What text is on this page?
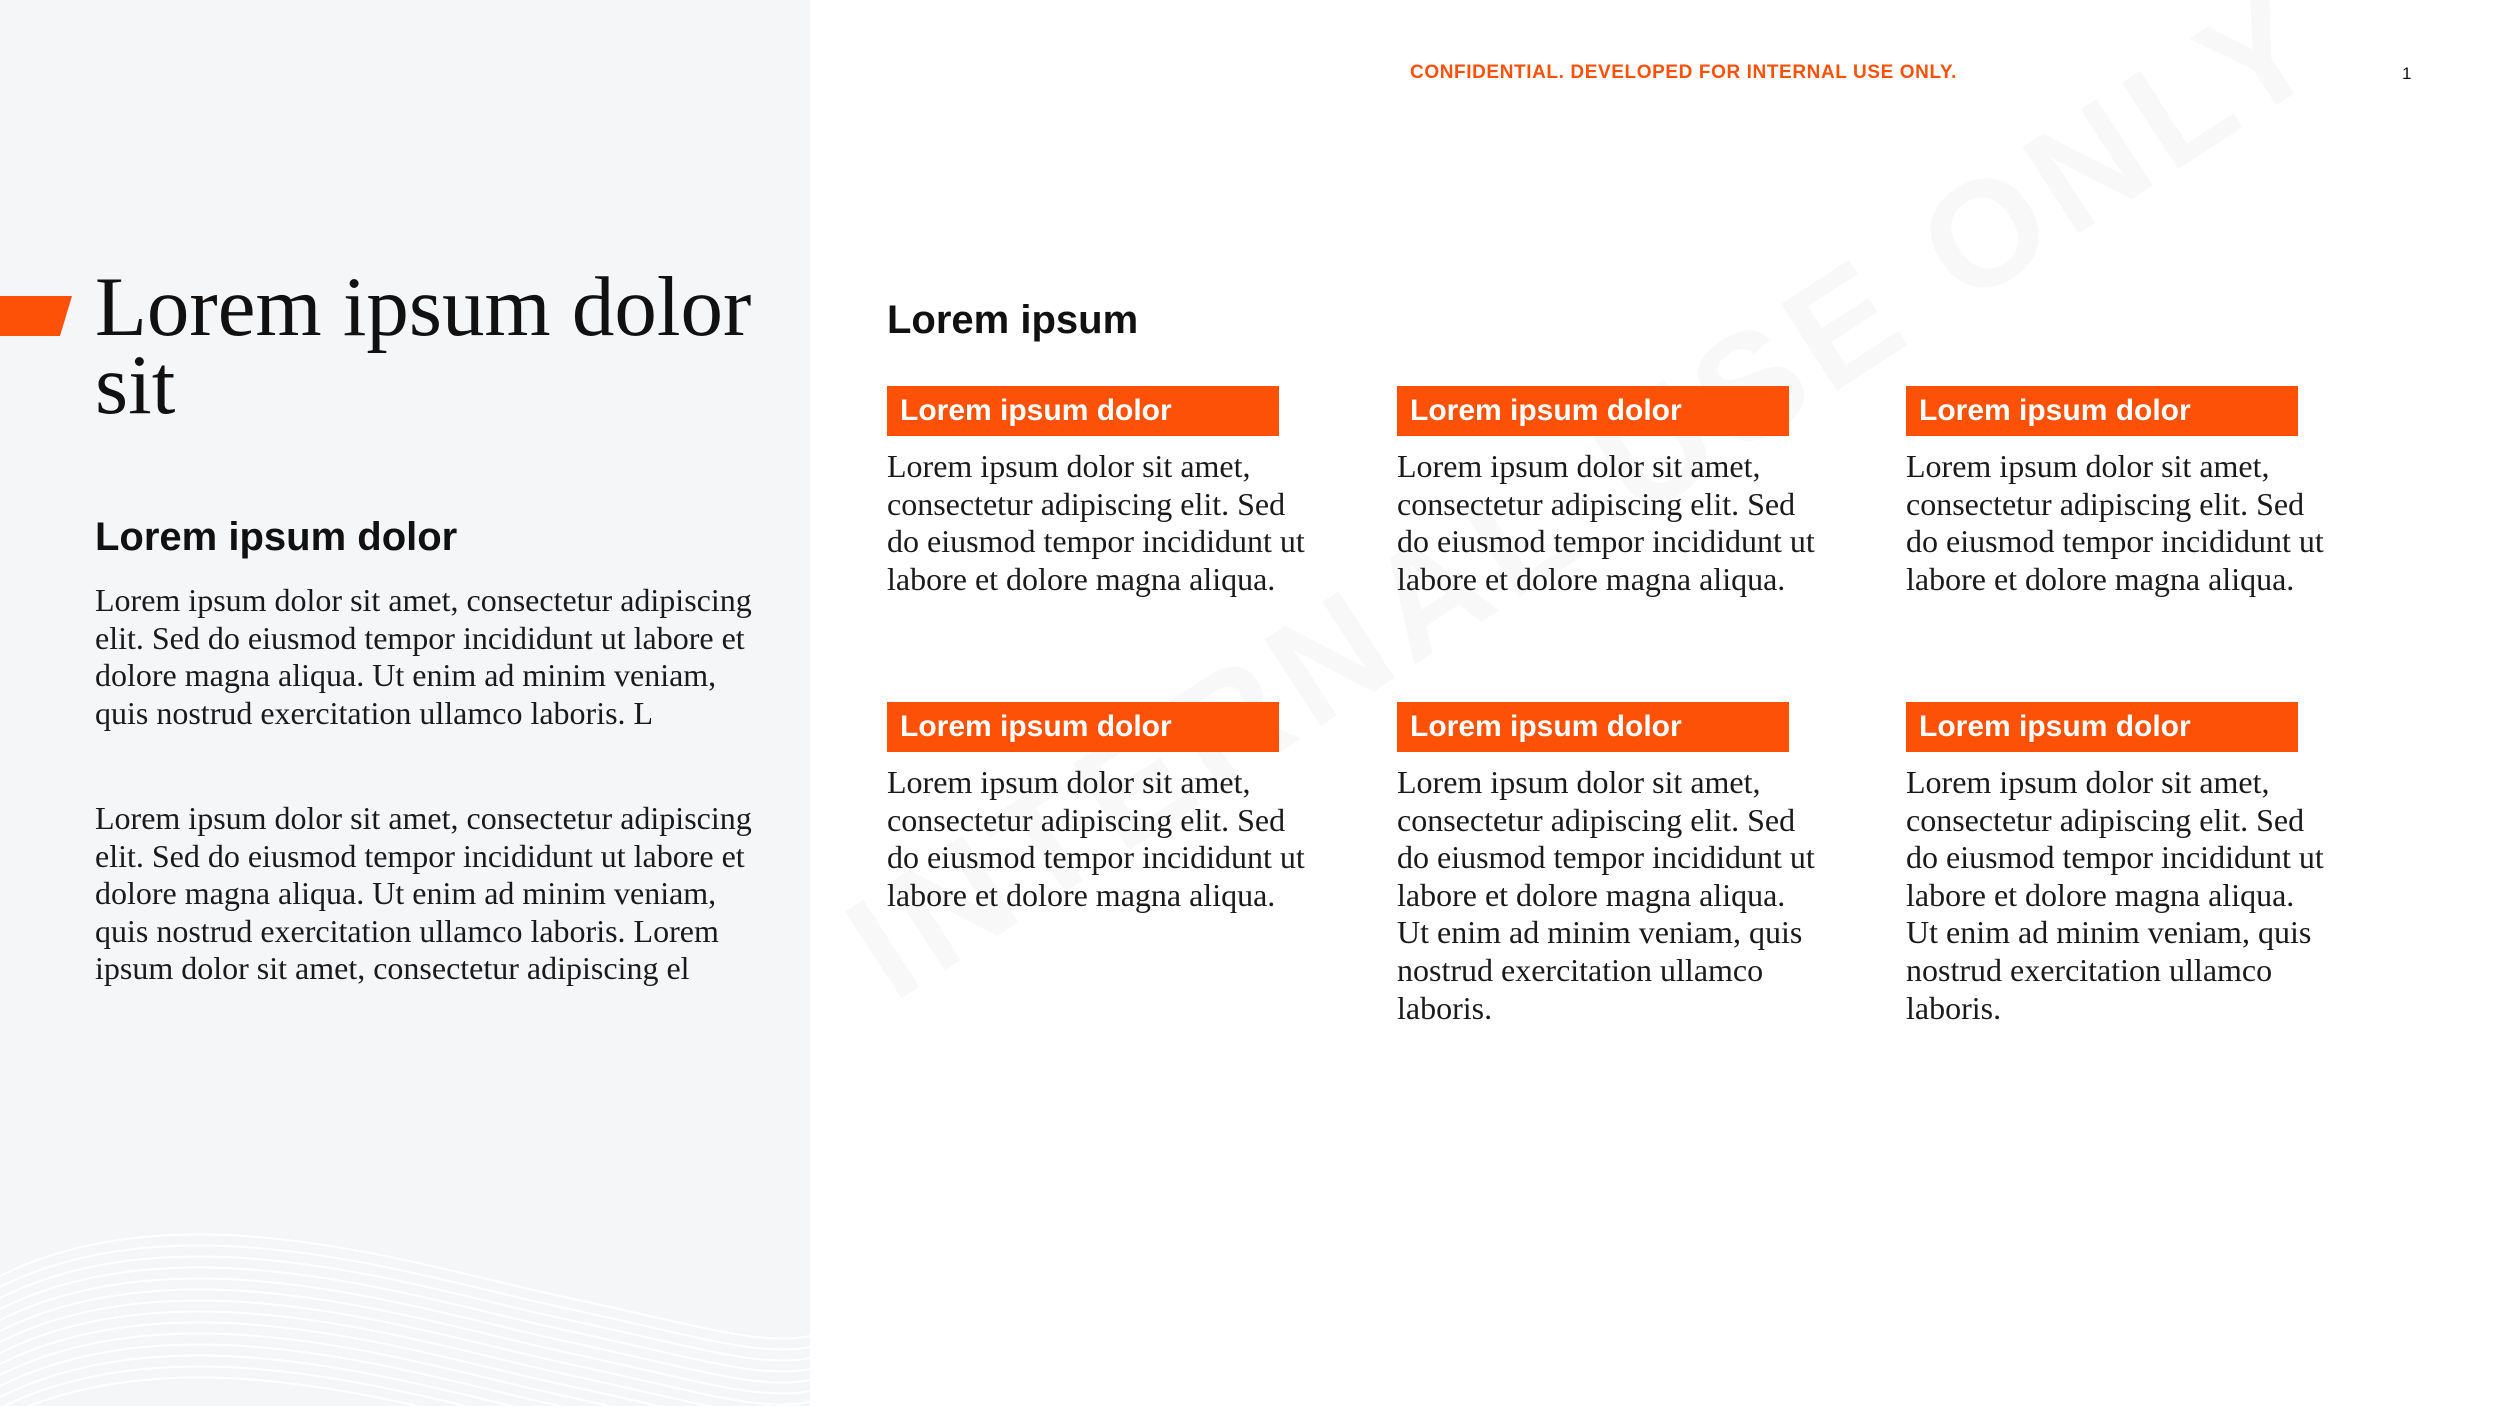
Lorem ipsum dolor sit
Lorem ipsum dolor

Lorem ipsum dolor sit amet, consectetur adipiscing elit. Sed do eiusmod tempor incididunt ut labore et dolore magna aliqua. Ut enim ad minim veniam, quis nostrud exercitation ullamco laboris. L

Lorem ipsum dolor sit amet, consectetur adipiscing elit. Sed do eiusmod tempor incididunt ut labore et dolore magna aliqua. Ut enim ad minim veniam, quis nostrud exercitation ullamco laboris. Lorem ipsum dolor sit amet, consectetur adipiscing el

CONFIDENTIAL. DEVELOPED FOR INTERNAL USE ONLY.	1
Lorem ipsum
Lorem ipsum dolor
Lorem ipsum dolor sit amet, consectetur adipiscing elit. Sed do eiusmod tempor incididunt ut labore et dolore magna aliqua.
Lorem ipsum dolor
Lorem ipsum dolor sit amet, consectetur adipiscing elit. Sed do eiusmod tempor incididunt ut labore et dolore magna aliqua.
Lorem ipsum dolor
Lorem ipsum dolor sit amet, consectetur adipiscing elit. Sed do eiusmod tempor incididunt ut labore et dolore magna aliqua.
Lorem ipsum dolor
Lorem ipsum dolor sit amet, consectetur adipiscing elit. Sed do eiusmod tempor incididunt ut labore et dolore magna aliqua.
Lorem ipsum dolor
Lorem ipsum dolor sit amet, consectetur adipiscing elit. Sed do eiusmod tempor incididunt ut labore et dolore magna aliqua. Ut enim ad minim veniam, quis nostrud exercitation ullamco laboris.
Lorem ipsum dolor
Lorem ipsum dolor sit amet, consectetur adipiscing elit. Sed do eiusmod tempor incididunt ut labore et dolore magna aliqua. Ut enim ad minim veniam, quis nostrud exercitation ullamco laboris.
